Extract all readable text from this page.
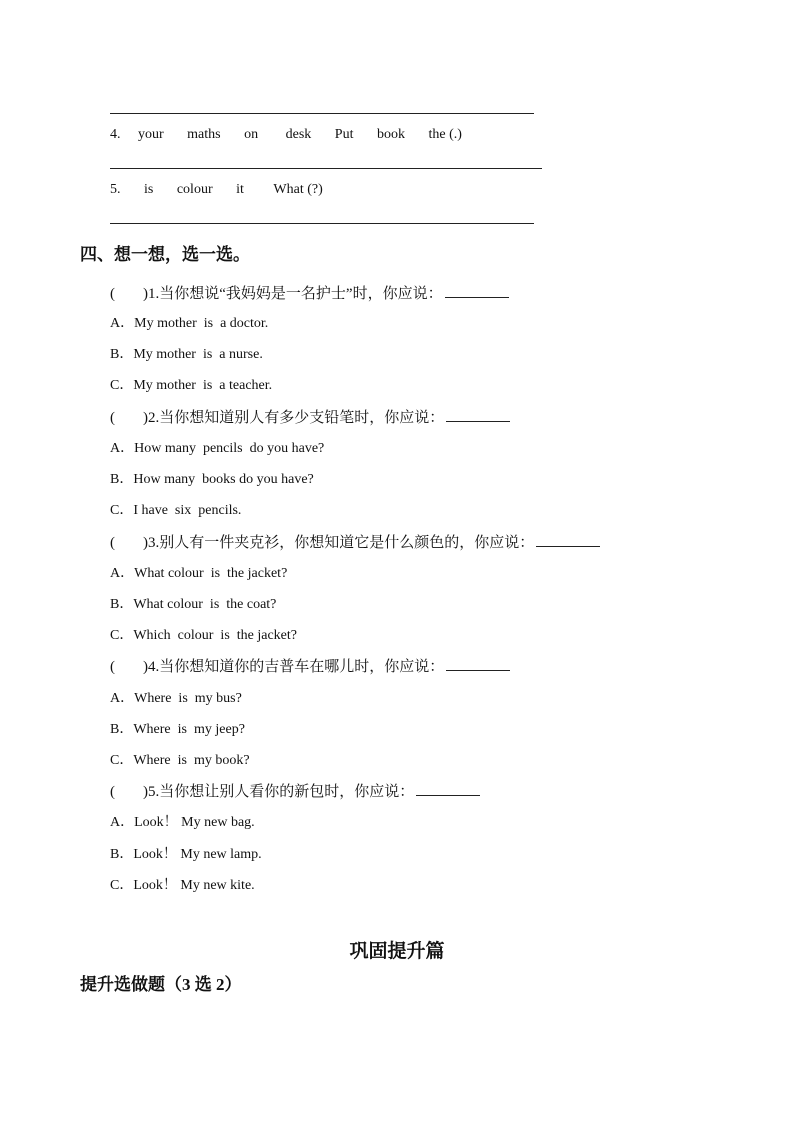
4. your maths on desk Put book the (.)
5. is colour it What (?)
四、想一想，选一选。
( )1.当你想说“我妈妈是一名护士”时，你应说：
A．My mother  is  a doctor.
B．My mother  is  a nurse.
C．My mother  is  a teacher.
( )2.当你想知道别人有多少支铅笔时，你应说：
A．How many  pencils  do you have?
B．How many  books do you have?
C．I have  six  pencils.
( )3.别人有一件夹克衫，你想知道它是什么颜色的，你应说：
A．What colour  is  the jacket?
B．What colour  is  the coat?
C．Which  colour  is  the jacket?
( )4.当你想知道你的吉普车在哪儿时，你应说：
A．Where  is  my bus?
B．Where  is  my jeep?
C．Where  is  my book?
( )5.当你想让别人看你的新包时，你应说：
A．Look！ My new bag.
B．Look！ My new lamp.
C．Look！ My new kite.
巩固提升篇
提升选做题（3 选 2）
